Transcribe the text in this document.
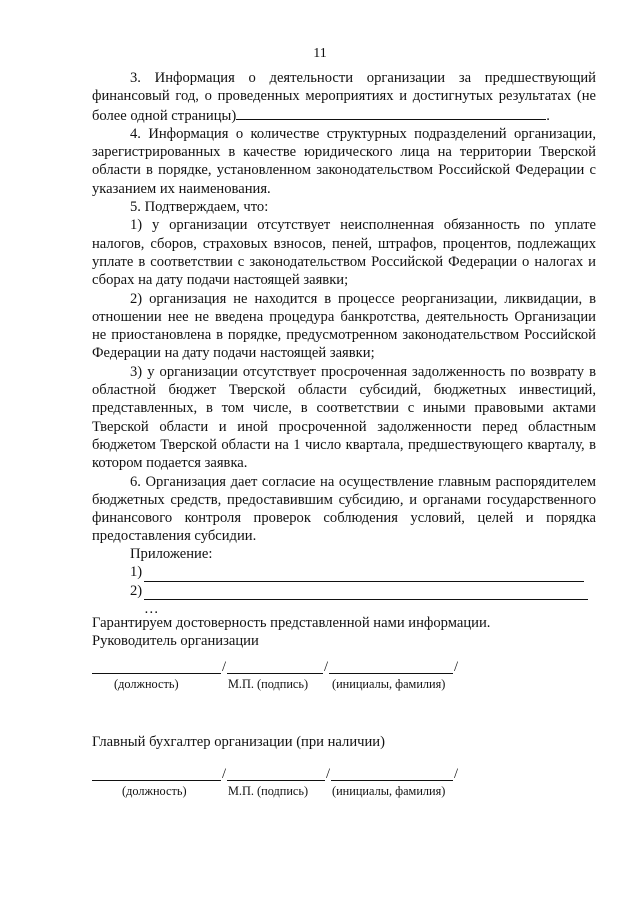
11

3. Информация о деятельности организации за предшествующий финансовый год, о проведенных мероприятиях и достигнутых результатах (не более одной страницы)	.

4. Информация о количестве структурных подразделений организации, зарегистрированных в качестве юридического лица на территории Тверской области в порядке, установленном законодательством Российской Федерации с указанием их наименования.

5. Подтверждаем, что:

1) у организации отсутствует неисполненная обязанность по уплате налогов, сборов, страховых взносов, пеней, штрафов, процентов, подлежащих уплате в соответствии с законодательством Российской Федерации о налогах и сборах на дату подачи настоящей заявки;

2) организация не находится в процессе реорганизации, ликвидации, в отношении нее не введена процедура банкротства, деятельность Организации не приостановлена в порядке, предусмотренном законодательством Российской Федерации на дату подачи настоящей заявки;

3) у организации отсутствует просроченная задолженность по возврату в областной бюджет Тверской области субсидий, бюджетных инвестиций, представленных, в том числе, в соответствии с иными правовыми актами Тверской области и иной просроченной задолженности перед областным бюджетом Тверской области на 1 число квартала, предшествующего кварталу, в котором подается заявка.

6. Организация дает согласие на осуществление главным распорядителем бюджетных средств, предоставившим субсидию, и органами государственного финансового контроля проверок соблюдения условий, целей и порядка предоставления субсидии.

Приложение:
1)
2)
…
Гарантируем достоверность представленной нами информации.
Руководитель организации
/	/	/
(должность)	М.П. (подпись)	(инициалы, фамилия)
Главный бухгалтер организации (при наличии)
/	/	/
(должность)	М.П. (подпись)	(инициалы, фамилия)
